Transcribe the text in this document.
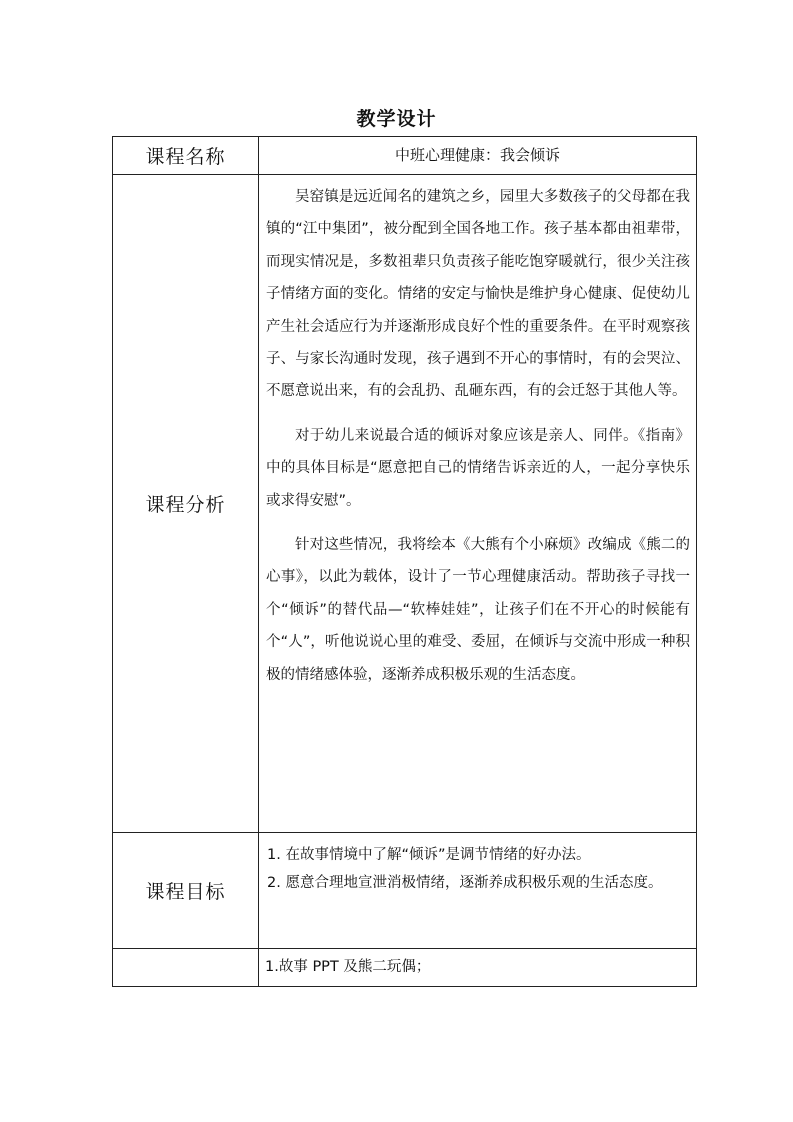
教学设计
课程名称	中班心理健康：我会倾诉
课程分析	吴窑镇是远近闻名的建筑之乡，园里大多数孩子的父母都在我镇的“江中集团”，被分配到全国各地工作。孩子基本都由祖辈带，而现实情况是，多数祖辈只负责孩子能吃饱穿暖就行，很少关注孩子情绪方面的变化。情绪的安定与愉快是维护身心健康、促使幼儿产生社会适应行为并逐渐形成良好个性的重要条件。在平时观察孩子、与家长沟通时发现，孩子遇到不开心的事情时，有的会哭泣、不愿意说出来，有的会乱扔、乱砸东西，有的会迁怒于其他人等。

对于幼儿来说最合适的倾诉对象应该是亲人、同伴。《指南》中的具体目标是“愿意把自己的情绪告诉亲近的人，一起分享快乐或求得安慰”。

针对这些情况，我将绘本《大熊有个小麻烦》改编成《熊二的心事》，以此为载体，设计了一节心理健康活动。帮助孩子寻找一个“倾诉”的替代品—“软棒娃娃”，让孩子们在不开心的时候能有个“人”，听他说说心里的难受、委屈，在倾诉与交流中形成一种积极的情绪感体验，逐渐养成积极乐观的生活态度。

课程目标	1. 在故事情境中了解“倾诉”是调节情绪的好办法。

2. 愿意合理地宣泄消极情绪，逐渐养成积极乐观的生活态度。

	1.故事 PPT 及熊二玩偶；
